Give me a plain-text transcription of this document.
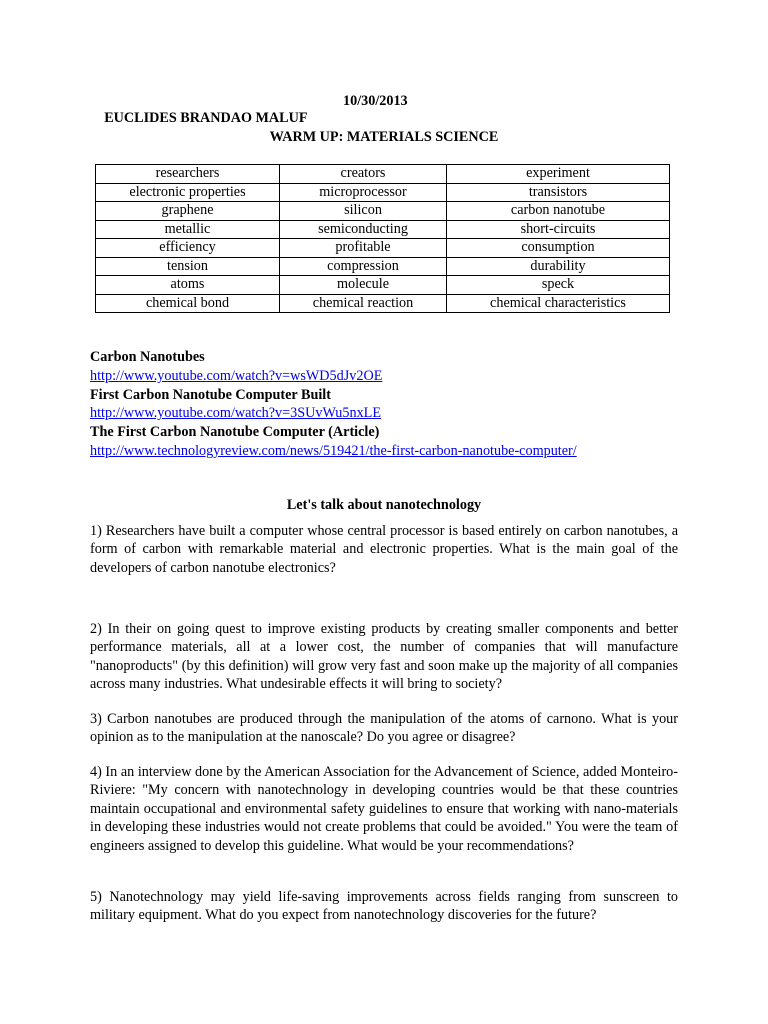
EUCLIDES BRANDAO MALUF

10/30/2013

WARM UP: MATERIALS SCIENCE
researchers	creators	experiment
electronic properties	microprocessor	transistors
graphene	silicon	carbon nanotube
metallic	semiconducting	short-circuits
efficiency	profitable	consumption
tension	compression	durability
atoms	molecule	speck
chemical bond	chemical reaction	chemical characteristics
Carbon Nanotubes
http://www.youtube.com/watch?v=wsWD5dJv2OE
First Carbon Nanotube Computer Built
http://www.youtube.com/watch?v=3SUvWu5nxLE
The First Carbon Nanotube Computer (Article)
http://www.technologyreview.com/news/519421/the-first-carbon-nanotube-computer/
Let's talk about nanotechnology

1) Researchers have built a computer whose central processor is based entirely on carbon nanotubes, a form of carbon with remarkable material and electronic properties. What is the main goal of the developers of carbon nanotube electronics?

2) In their on going quest to improve existing products by creating smaller components and better performance materials, all at a lower cost, the number of companies that will manufacture "nanoproducts" (by this definition) will grow very fast and soon make up the majority of all companies across many industries. What undesirable effects it will bring to society?

3) Carbon nanotubes are produced through the manipulation of the atoms of carnono. What is your opinion as to the manipulation at the nanoscale? Do you agree or disagree?

4) In an interview done by the American Association for the Advancement of Science, added Monteiro-Riviere: "My concern with nanotechnology in developing countries would be that these countries maintain occupational and environmental safety guidelines to ensure that working with nano-materials in developing these industries would not create problems that could be avoided." You were the team of engineers assigned to develop this guideline. What would be your recommendations?

5) Nanotechnology may yield life-saving improvements across fields ranging from sunscreen to military equipment. What do you expect from nanotechnology discoveries for the future?
